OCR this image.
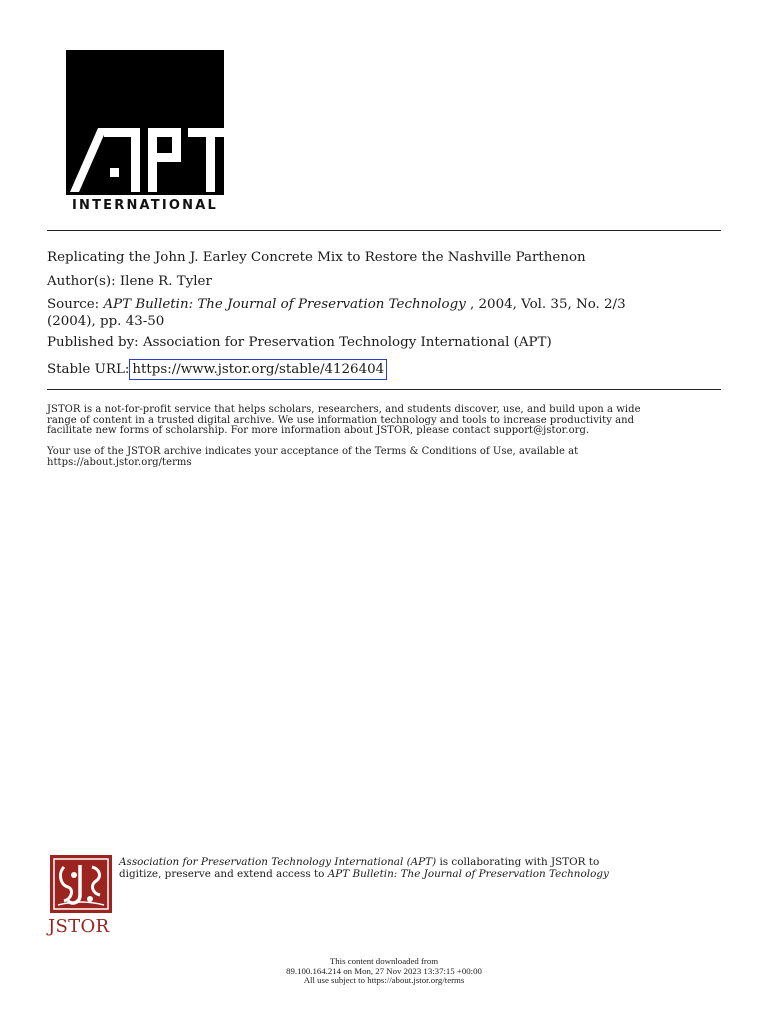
INTERNATIONAL
Replicating the John J. Earley Concrete Mix to Restore the Nashville Parthenon
Author(s): Ilene R. Tyler
Source: APT Bulletin: The Journal of Preservation Technology , 2004, Vol. 35, No. 2/3
(2004), pp. 43-50
Published by: Association for Preservation Technology International (APT)
Stable URL: https://www.jstor.org/stable/4126404
JSTOR is a not-for-profit service that helps scholars, researchers, and students discover, use, and build upon a wide
range of content in a trusted digital archive. We use information technology and tools to increase productivity and
facilitate new forms of scholarship. For more information about JSTOR, please contact support@jstor.org.
Your use of the JSTOR archive indicates your acceptance of the Terms & Conditions of Use, available at
https://about.jstor.org/terms
JSTOR
Association for Preservation Technology International (APT) is collaborating with JSTOR to
digitize, preserve and extend access to APT Bulletin: The Journal of Preservation Technology
This content downloaded from
89.100.164.214 on Mon, 27 Nov 2023 13:37:15 +00:00
All use subject to https://about.jstor.org/terms
